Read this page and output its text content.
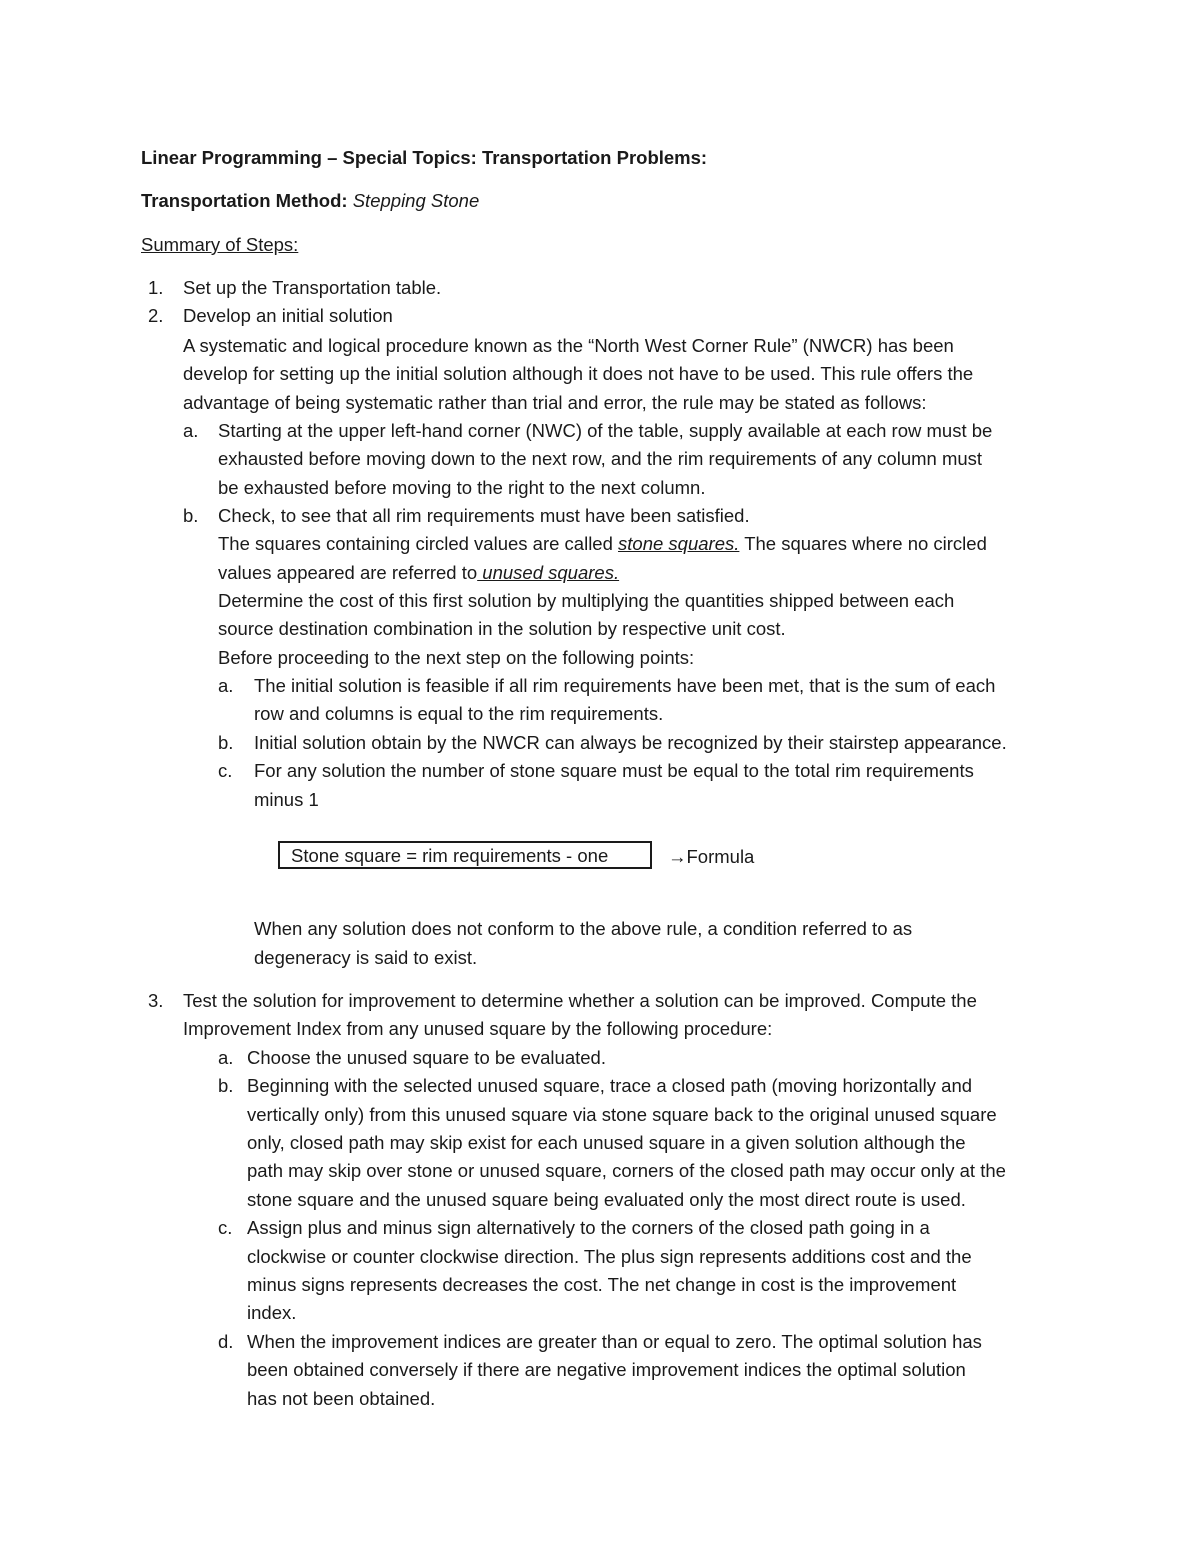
Linear Programming – Special Topics: Transportation Problems:
Transportation Method: Stepping Stone
Summary of Steps:
1. Set up the Transportation table.
2. Develop an initial solution
A systematic and logical procedure known as the “North West Corner Rule” (NWCR) has been
develop for setting up the initial solution although it does not have to be used. This rule offers the
advantage of being systematic rather than trial and error, the rule may be stated as follows:
a. Starting at the upper left-hand corner (NWC) of the table, supply available at each row must be
exhausted before moving down to the next row, and the rim requirements of any column must
be exhausted before moving to the right to the next column.
b. Check, to see that all rim requirements must have been satisfied.
The squares containing circled values are called stone squares. The squares where no circled
values appeared are referred to unused squares.
Determine the cost of this first solution by multiplying the quantities shipped between each
source destination combination in the solution by respective unit cost.
Before proceeding to the next step on the following points:
a. The initial solution is feasible if all rim requirements have been met, that is the sum of each
row and columns is equal to the rim requirements.
b. Initial solution obtain by the NWCR can always be recognized by their stairstep appearance.
c. For any solution the number of stone square must be equal to the total rim requirements
minus 1
Stone square = rim requirements - one	→Formula
When any solution does not conform to the above rule, a condition referred to as
degeneracy is said to exist.
3. Test the solution for improvement to determine whether a solution can be improved. Compute the
Improvement Index from any unused square by the following procedure:
a. Choose the unused square to be evaluated.
b. Beginning with the selected unused square, trace a closed path (moving horizontally and
vertically only) from this unused square via stone square back to the original unused square
only, closed path may skip exist for each unused square in a given solution although the
path may skip over stone or unused square, corners of the closed path may occur only at the
stone square and the unused square being evaluated only the most direct route is used.
c. Assign plus and minus sign alternatively to the corners of the closed path going in a
clockwise or counter clockwise direction. The plus sign represents additions cost and the
minus signs represents decreases the cost. The net change in cost is the improvement
index.
d. When the improvement indices are greater than or equal to zero. The optimal solution has
been obtained conversely if there are negative improvement indices the optimal solution
has not been obtained.
